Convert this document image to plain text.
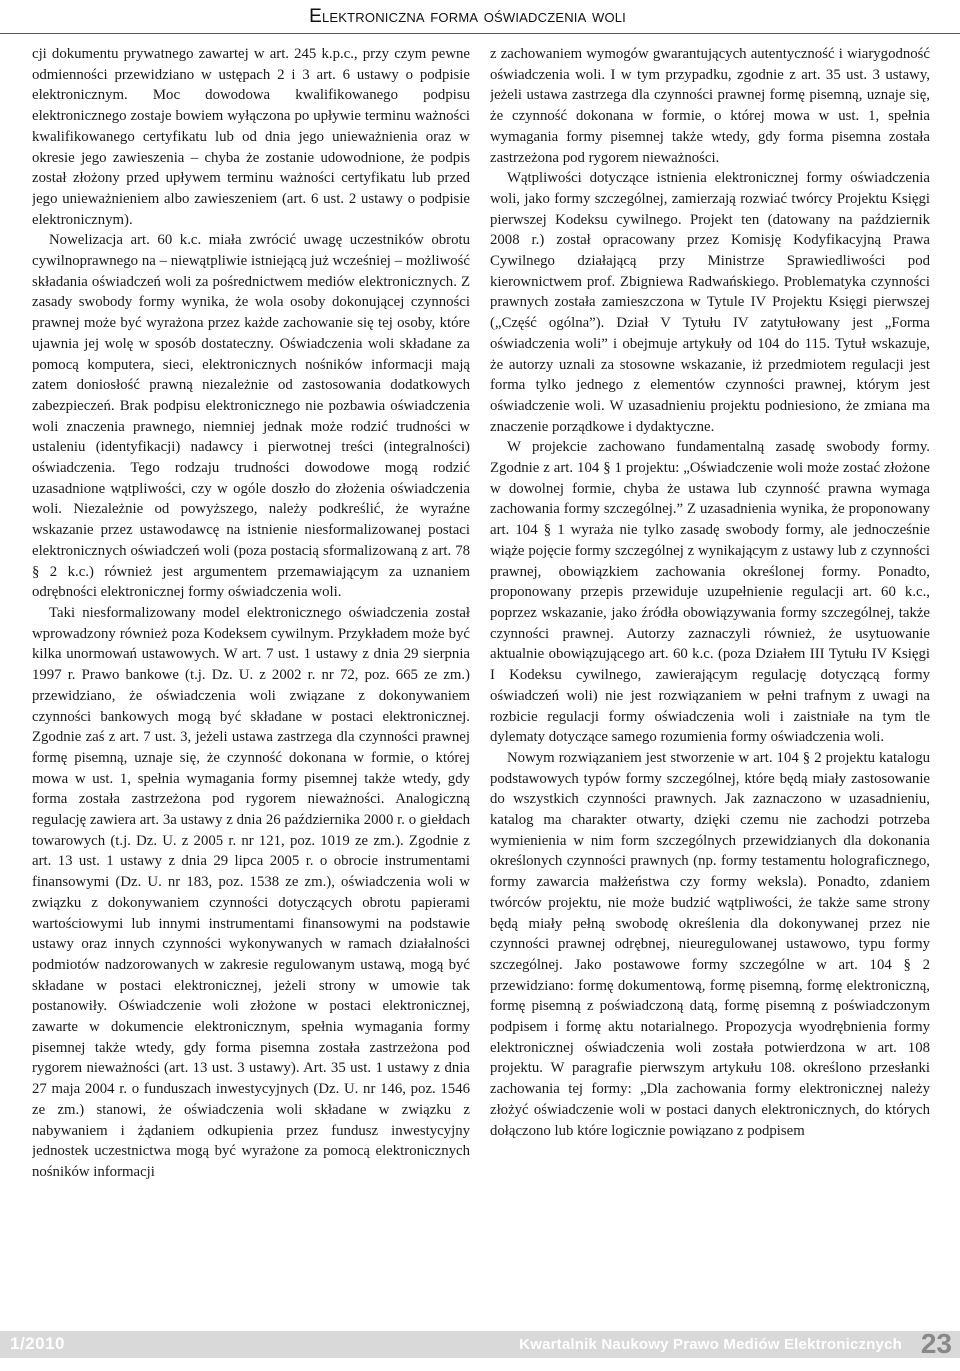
Elektroniczna forma oświadczenia woli

cji dokumentu prywatnego zawartej w art. 245 k.p.c., przy czym pewne odmienności przewidziano w ustępach 2 i 3 art. 6 ustawy o podpisie elektronicznym. Moc dowodowa kwalifikowanego podpisu elektronicznego zostaje bowiem wyłączona po upływie terminu ważności kwalifikowanego certyfikatu lub od dnia jego unieważnienia oraz w okresie jego zawieszenia – chyba że zostanie udowodnione, że podpis został złożony przed upływem terminu ważności certyfikatu lub przed jego unieważnieniem albo zawieszeniem (art. 6 ust. 2 ustawy o podpisie elektronicznym).

Nowelizacja art. 60 k.c. miała zwrócić uwagę uczestników obrotu cywilnoprawnego na – niewątpliwie istniejącą już wcześniej – możliwość składania oświadczeń woli za pośrednictwem mediów elektronicznych. Z zasady swobody formy wynika, że wola osoby dokonującej czynności prawnej może być wyrażona przez każde zachowanie się tej osoby, które ujawnia jej wolę w sposób dostateczny. Oświadczenia woli składane za pomocą komputera, sieci, elektronicznych nośników informacji mają zatem doniosłość prawną niezależnie od zastosowania dodatkowych zabezpieczeń. Brak podpisu elektronicznego nie pozbawia oświadczenia woli znaczenia prawnego, niemniej jednak może rodzić trudności w ustaleniu (identyfikacji) nadawcy i pierwotnej treści (integralności) oświadczenia. Tego rodzaju trudności dowodowe mogą rodzić uzasadnione wątpliwości, czy w ogóle doszło do złożenia oświadczenia woli. Niezależnie od powyższego, należy podkreślić, że wyraźne wskazanie przez ustawodawcę na istnienie niesformalizowanej postaci elektronicznych oświadczeń woli (poza postacią sformalizowaną z art. 78 § 2 k.c.) również jest argumentem przemawiającym za uznaniem odrębności elektronicznej formy oświadczenia woli.

Taki niesformalizowany model elektronicznego oświadczenia został wprowadzony również poza Kodeksem cywilnym. Przykładem może być kilka unormowań ustawowych. W art. 7 ust. 1 ustawy z dnia 29 sierpnia 1997 r. Prawo bankowe (t.j. Dz. U. z 2002 r. nr 72, poz. 665 ze zm.) przewidziano, że oświadczenia woli związane z dokonywaniem czynności bankowych mogą być składane w postaci elektronicznej. Zgodnie zaś z art. 7 ust. 3, jeżeli ustawa zastrzega dla czynności prawnej formę pisemną, uznaje się, że czynność dokonana w formie, o której mowa w ust. 1, spełnia wymagania formy pisemnej także wtedy, gdy forma została zastrzeżona pod rygorem nieważności. Analogiczną regulację zawiera art. 3a ustawy z dnia 26 października 2000 r. o giełdach towarowych (t.j. Dz. U. z 2005 r. nr 121, poz. 1019 ze zm.). Zgodnie z art. 13 ust. 1 ustawy z dnia 29 lipca 2005 r. o obrocie instrumentami finansowymi (Dz. U. nr 183, poz. 1538 ze zm.), oświadczenia woli w związku z dokonywaniem czynności dotyczących obrotu papierami wartościowymi lub innymi instrumentami finansowymi na podstawie ustawy oraz innych czynności wykonywanych w ramach działalności podmiotów nadzorowanych w zakresie regulowanym ustawą, mogą być składane w postaci elektronicznej, jeżeli strony w umowie tak postanowiły. Oświadczenie woli złożone w postaci elektronicznej, zawarte w dokumencie elektronicznym, spełnia wymagania formy pisemnej także wtedy, gdy forma pisemna została zastrzeżona pod rygorem nieważności (art. 13 ust. 3 ustawy). Art. 35 ust. 1 ustawy z dnia 27 maja 2004 r. o funduszach inwestycyjnych (Dz. U. nr 146, poz. 1546 ze zm.) stanowi, że oświadczenia woli składane w związku z nabywaniem i żądaniem odkupienia przez fundusz inwestycyjny jednostek uczestnictwa mogą być wyrażone za pomocą elektronicznych nośników informacji

z zachowaniem wymogów gwarantujących autentyczność i wiarygodność oświadczenia woli. I w tym przypadku, zgodnie z art. 35 ust. 3 ustawy, jeżeli ustawa zastrzega dla czynności prawnej formę pisemną, uznaje się, że czynność dokonana w formie, o której mowa w ust. 1, spełnia wymagania formy pisemnej także wtedy, gdy forma pisemna została zastrzeżona pod rygorem nieważności.

Wątpliwości dotyczące istnienia elektronicznej formy oświadczenia woli, jako formy szczególnej, zamierzają rozwiać twórcy Projektu Księgi pierwszej Kodeksu cywilnego. Projekt ten (datowany na październik 2008 r.) został opracowany przez Komisję Kodyfikacyjną Prawa Cywilnego działającą przy Ministrze Sprawiedliwości pod kierownictwem prof. Zbigniewa Radwańskiego. Problematyka czynności prawnych została zamieszczona w Tytule IV Projektu Księgi pierwszej („Część ogólna”). Dział V Tytułu IV zatytułowany jest „Forma oświadczenia woli” i obejmuje artykuły od 104 do 115. Tytuł wskazuje, że autorzy uznali za stosowne wskazanie, iż przedmiotem regulacji jest forma tylko jednego z elementów czynności prawnej, którym jest oświadczenie woli. W uzasadnieniu projektu podniesiono, że zmiana ma znaczenie porządkowe i dydaktyczne.

W projekcie zachowano fundamentalną zasadę swobody formy. Zgodnie z art. 104 § 1 projektu: „Oświadczenie woli może zostać złożone w dowolnej formie, chyba że ustawa lub czynność prawna wymaga zachowania formy szczególnej.” Z uzasadnienia wynika, że proponowany art. 104 § 1 wyraża nie tylko zasadę swobody formy, ale jednocześnie wiąże pojęcie formy szczególnej z wynikającym z ustawy lub z czynności prawnej, obowiązkiem zachowania określonej formy. Ponadto, proponowany przepis przewiduje uzupełnienie regulacji art. 60 k.c., poprzez wskazanie, jako źródła obowiązywania formy szczególnej, także czynności prawnej. Autorzy zaznaczyli również, że usytuowanie aktualnie obowiązującego art. 60 k.c. (poza Działem III Tytułu IV Księgi I Kodeksu cywilnego, zawierającym regulację dotyczącą formy oświadczeń woli) nie jest rozwiązaniem w pełni trafnym z uwagi na rozbicie regulacji formy oświadczenia woli i zaistniałe na tym tle dylematy dotyczące samego rozumienia formy oświadczenia woli.

Nowym rozwiązaniem jest stworzenie w art. 104 § 2 projektu katalogu podstawowych typów formy szczególnej, które będą miały zastosowanie do wszystkich czynności prawnych. Jak zaznaczono w uzasadnieniu, katalog ma charakter otwarty, dzięki czemu nie zachodzi potrzeba wymienienia w nim form szczególnych przewidzianych dla dokonania określonych czynności prawnych (np. formy testamentu holograficznego, formy zawarcia małżeństwa czy formy weksla). Ponadto, zdaniem twórców projektu, nie może budzić wątpliwości, że także same strony będą miały pełną swobodę określenia dla dokonywanej przez nie czynności prawnej odrębnej, nieuregulowanej ustawowo, typu formy szczególnej. Jako postawowe formy szczególne w art. 104 § 2 przewidziano: formę dokumentową, formę pisemną, formę elektroniczną, formę pisemną z poświadczoną datą, formę pisemną z poświadczonym podpisem i formę aktu notarialnego. Propozycja wyodrębnienia formy elektronicznej oświadczenia woli została potwierdzona w art. 108 projektu. W paragrafie pierwszym artykułu 108. określono przesłanki zachowania tej formy: „Dla zachowania formy elektronicznej należy złożyć oświadczenie woli w postaci danych elektronicznych, do których dołączono lub które logicznie powiązano z podpisem

1/2010	Kwartalnik Naukowy Prawo Mediów Elektronicznych 23
